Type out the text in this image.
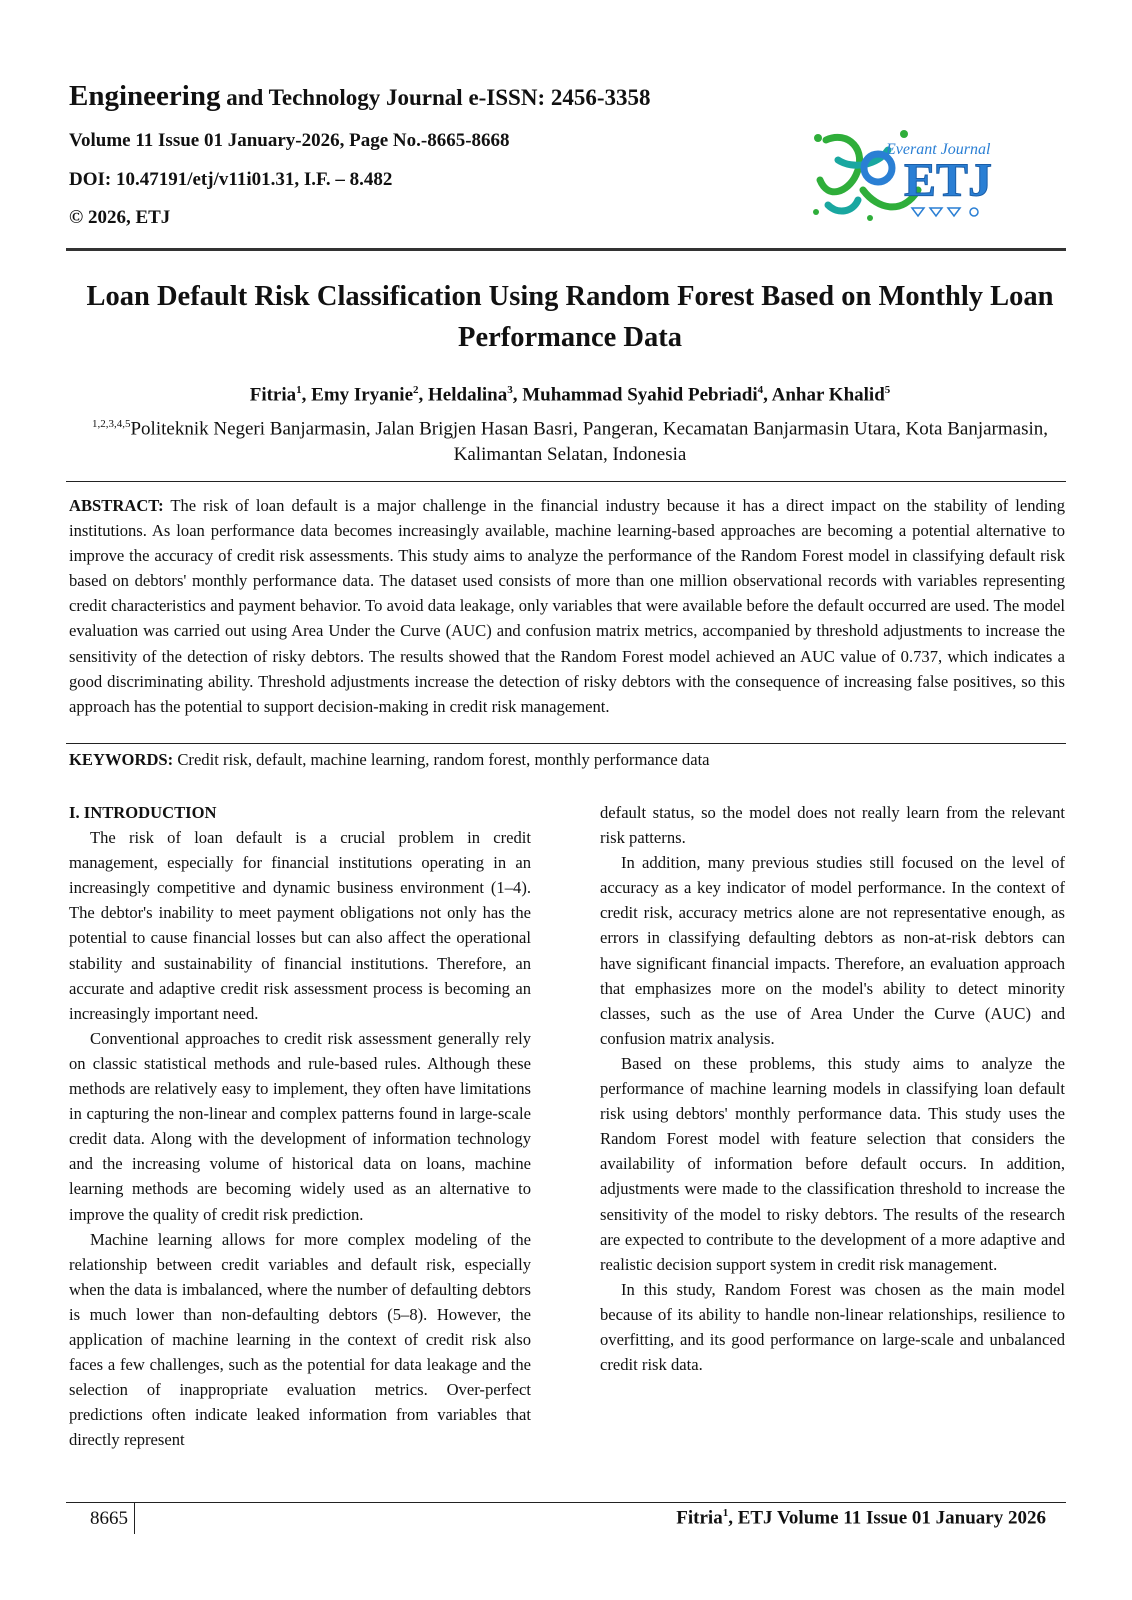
Engineering and Technology Journal e-ISSN: 2456-3358
Volume 11 Issue 01 January-2026, Page No.-8665-8668
DOI: 10.47191/etj/v11i01.31, I.F. – 8.482
© 2026, ETJ
Everant Journal
ETJ
Loan Default Risk Classification Using Random Forest Based on Monthly Loan Performance Data
Fitria$^1$, Emy Iryanie$^2$, Heldalina$^3$, Muhammad Syahid Pebriadi$^4$, Anhar Khalid$^5$
$^{1,2,3,4,5}$Politeknik Negeri Banjarmasin, Jalan Brigjen Hasan Basri, Pangeran, Kecamatan Banjarmasin Utara, Kota Banjarmasin, Kalimantan Selatan, Indonesia
ABSTRACT: The risk of loan default is a major challenge in the financial industry because it has a direct impact on the stability of lending institutions. As loan performance data becomes increasingly available, machine learning-based approaches are becoming a potential alternative to improve the accuracy of credit risk assessments. This study aims to analyze the performance of the Random Forest model in classifying default risk based on debtors' monthly performance data. The dataset used consists of more than one million observational records with variables representing credit characteristics and payment behavior. To avoid data leakage, only variables that were available before the default occurred are used. The model evaluation was carried out using Area Under the Curve (AUC) and confusion matrix metrics, accompanied by threshold adjustments to increase the sensitivity of the detection of risky debtors. The results showed that the Random Forest model achieved an AUC value of 0.737, which indicates a good discriminating ability. Threshold adjustments increase the detection of risky debtors with the consequence of increasing false positives, so this approach has the potential to support decision-making in credit risk management.
KEYWORDS: Credit risk, default, machine learning, random forest, monthly performance data

I. INTRODUCTION

The risk of loan default is a crucial problem in credit management, especially for financial institutions operating in an increasingly competitive and dynamic business environment (1–4). The debtor's inability to meet payment obligations not only has the potential to cause financial losses but can also affect the operational stability and sustainability of financial institutions. Therefore, an accurate and adaptive credit risk assessment process is becoming an increasingly important need.

Conventional approaches to credit risk assessment generally rely on classic statistical methods and rule-based rules. Although these methods are relatively easy to implement, they often have limitations in capturing the non-linear and complex patterns found in large-scale credit data. Along with the development of information technology and the increasing volume of historical data on loans, machine learning methods are becoming widely used as an alternative to improve the quality of credit risk prediction.

Machine learning allows for more complex modeling of the relationship between credit variables and default risk, especially when the data is imbalanced, where the number of defaulting debtors is much lower than non-defaulting debtors (5–8). However, the application of machine learning in the context of credit risk also faces a few challenges, such as the potential for data leakage and the selection of inappropriate evaluation metrics. Over-perfect predictions often indicate leaked information from variables that directly represent

default status, so the model does not really learn from the relevant risk patterns.

In addition, many previous studies still focused on the level of accuracy as a key indicator of model performance. In the context of credit risk, accuracy metrics alone are not representative enough, as errors in classifying defaulting debtors as non-at-risk debtors can have significant financial impacts. Therefore, an evaluation approach that emphasizes more on the model's ability to detect minority classes, such as the use of Area Under the Curve (AUC) and confusion matrix analysis.

Based on these problems, this study aims to analyze the performance of machine learning models in classifying loan default risk using debtors' monthly performance data. This study uses the Random Forest model with feature selection that considers the availability of information before default occurs. In addition, adjustments were made to the classification threshold to increase the sensitivity of the model to risky debtors. The results of the research are expected to contribute to the development of a more adaptive and realistic decision support system in credit risk management.

In this study, Random Forest was chosen as the main model because of its ability to handle non-linear relationships, resilience to overfitting, and its good performance on large-scale and unbalanced credit risk data.

8665	Fitria$^1$, ETJ Volume 11 Issue 01 January 2026
